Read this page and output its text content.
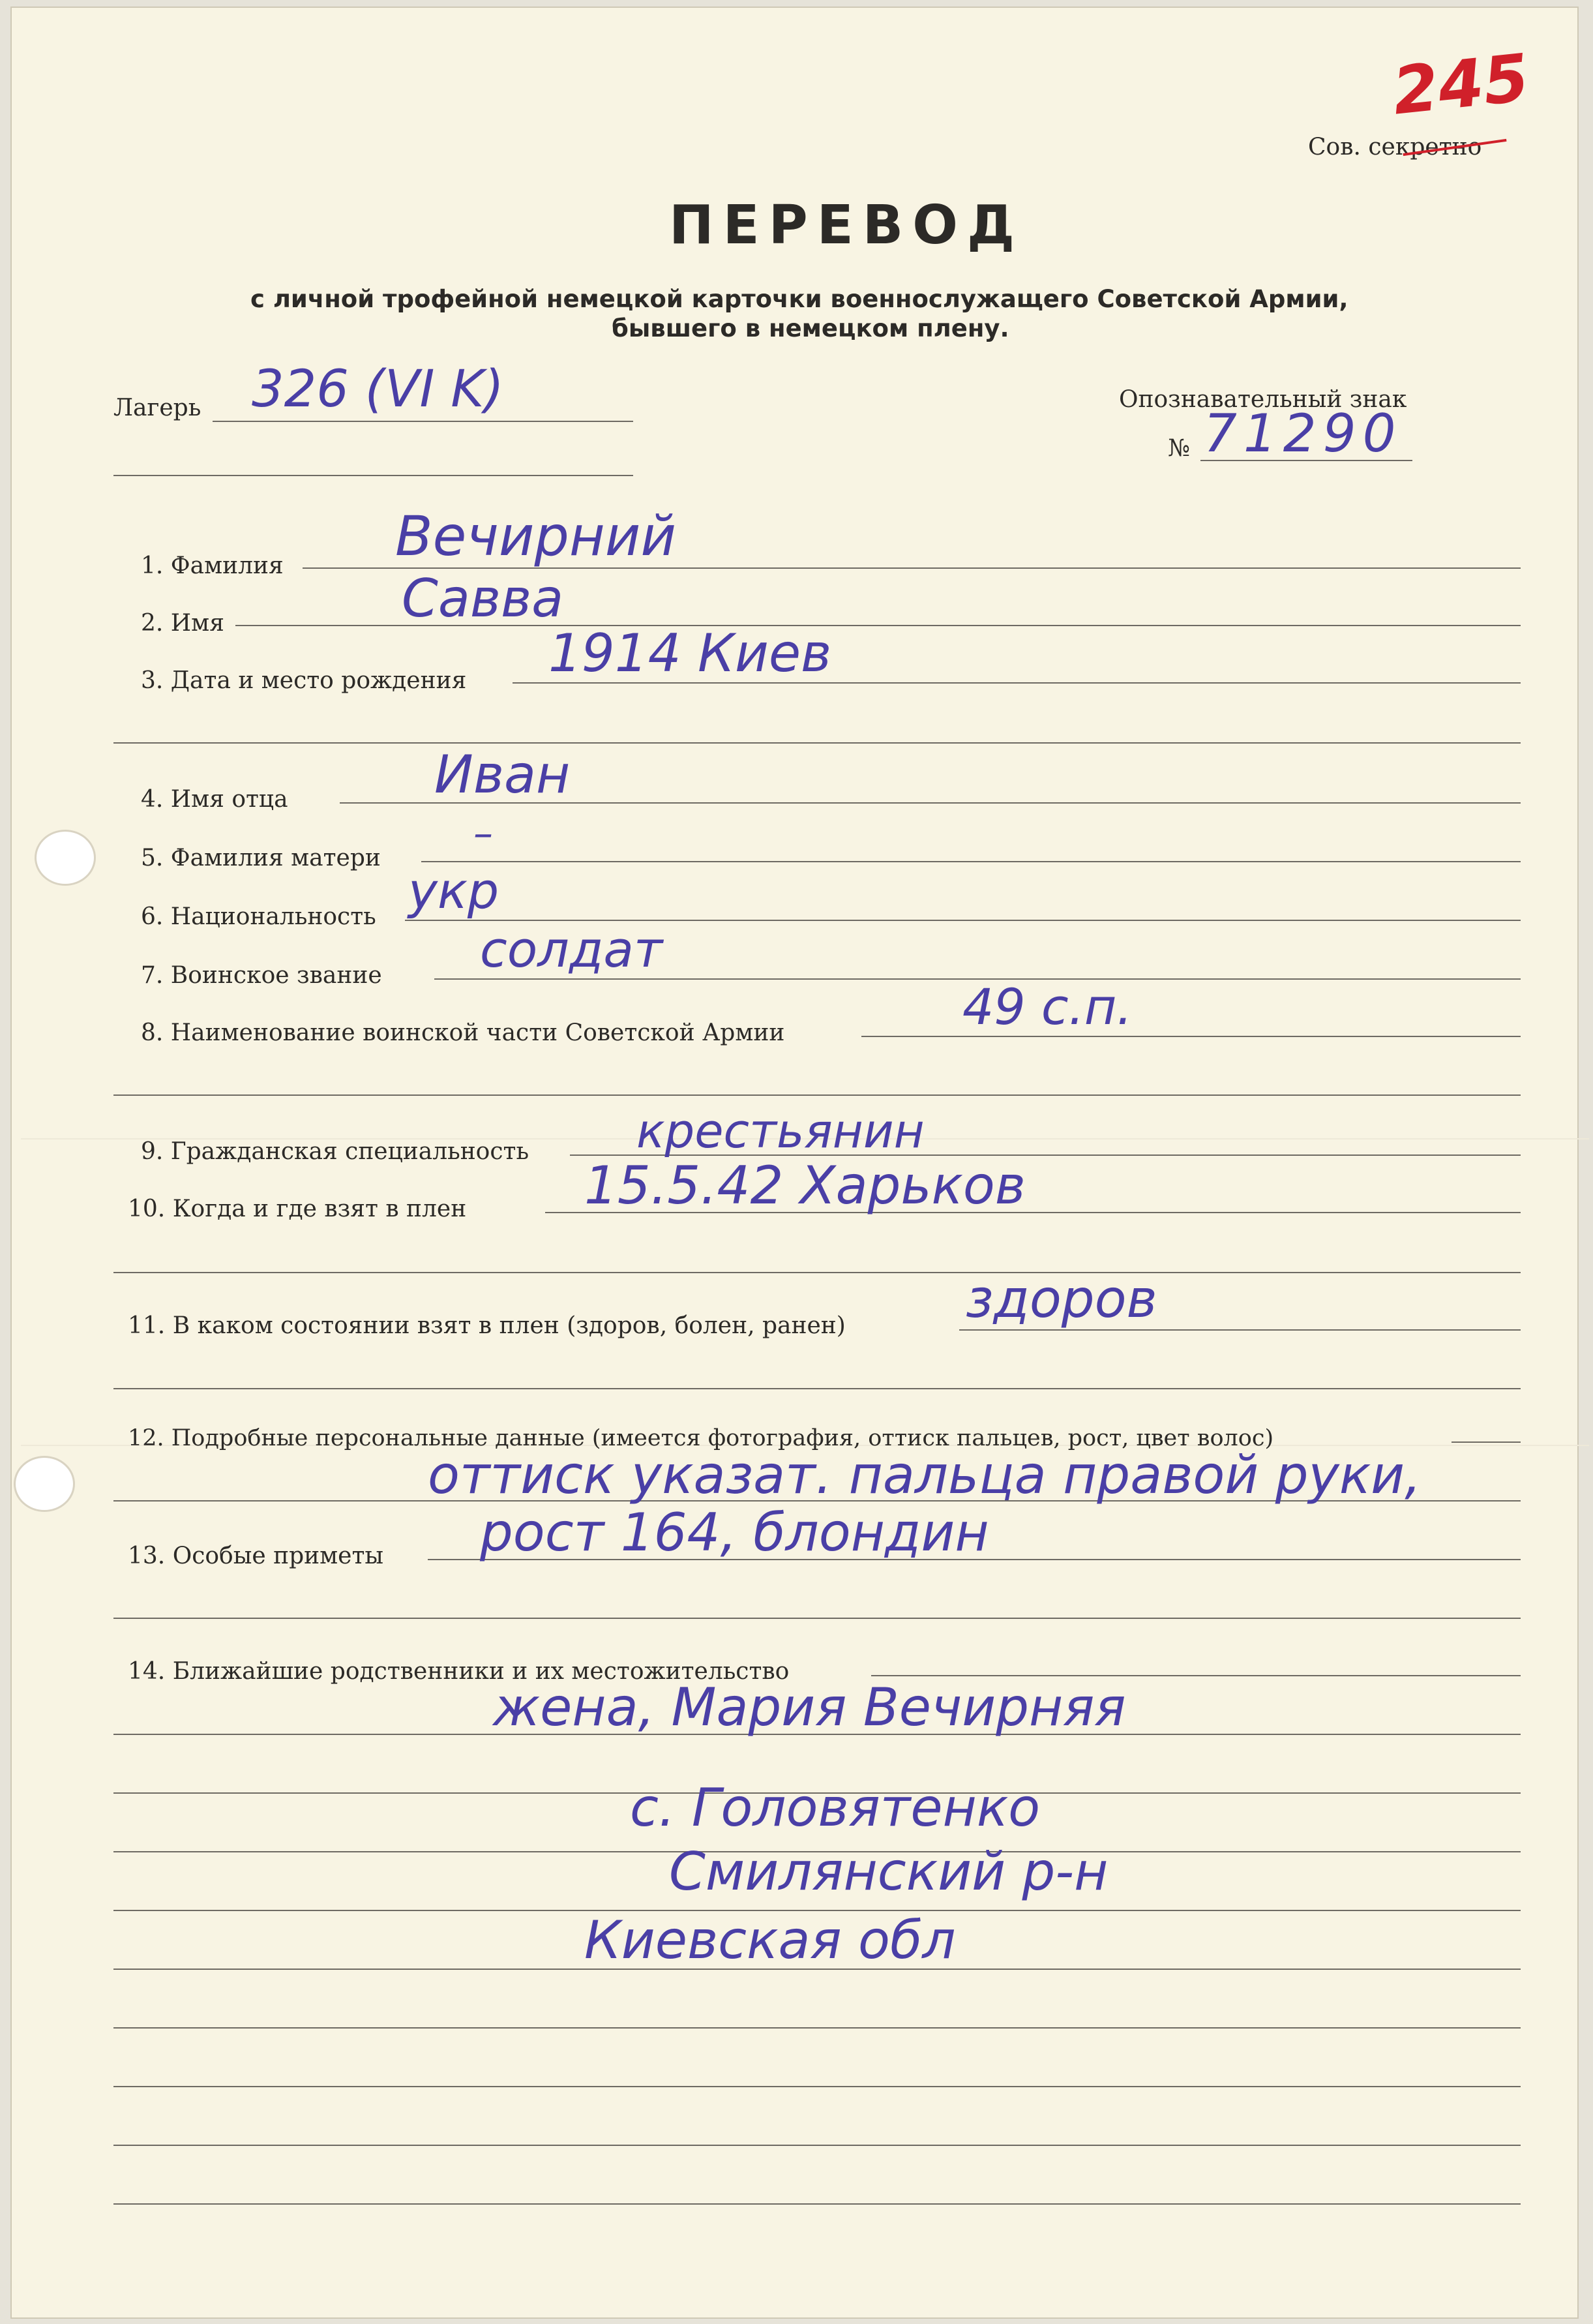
Сов. секретно
245
ПЕРЕВОД
с личной трофейной немецкой карточки военнослужащего Советской Армии,
бывшего в немецком плену.
Лагерь 326 (VI K)	Опознавательный знак
№ 71290
1. Фамилия Вечирний
2. Имя	Савва
3. Дата и место рождения 1914 Киев
4. Имя отца	Иван
5. Фамилия матери
–
6. Национальность укр
7. Воинское звание солдат
8. Наименование воинской части Советской Армии	49 с.п.
9. Гражданская специальность крестьянин
10. Когда и где взят в плен 15.5.42 Харьков
11. В каком состоянии взят в плен (здоров, болен, ранен) здоров
12. Подробные персональные данные (имеется фотография, оттиск пальцев, рост, цвет волос)
оттиск указат. пальца правой руки,
13. Особые приметы рост 164, блондин
14. Ближайшие родственники и их местожительство
жена, Мария Вечирняя
с. Головятенко
Смилянский р-н
Киевская обл
